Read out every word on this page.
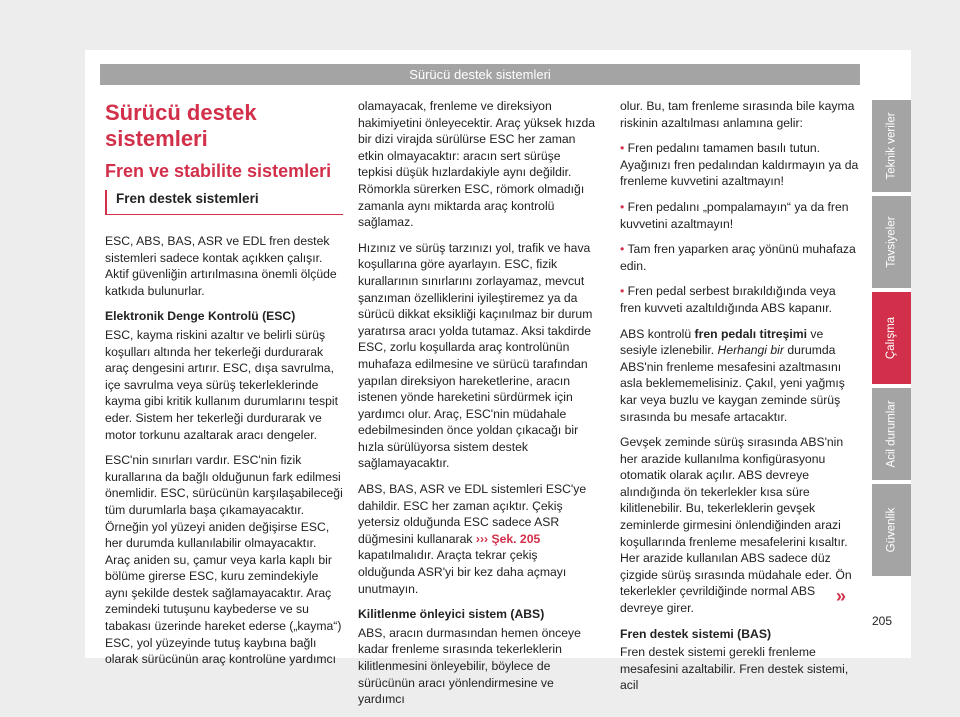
Sürücü destek sistemleri
Sürücü destek sistemleri
Fren ve stabilite sistemleri
Fren destek sistemleri

ESC, ABS, BAS, ASR ve EDL fren destek sistemleri sadece kontak açıkken çalışır. Aktif güvenliğin artırılmasına önemli ölçüde katkıda bulunurlar.

Elektronik Denge Kontrolü (ESC)

ESC, kayma riskini azaltır ve belirli sürüş koşulları altında her tekerleği durdurarak araç dengesini artırır. ESC, dışa savrulma, içe savrulma veya sürüş tekerleklerinde kayma gibi kritik kullanım durumlarını tespit eder. Sistem her tekerleği durdurarak ve motor torkunu azaltarak aracı dengeler.

ESC'nin sınırları vardır. ESC'nin fizik kurallarına da bağlı olduğunun fark edilmesi önemlidir. ESC, sürücünün karşılaşabileceği tüm durumlarla başa çıkamayacaktır. Örneğin yol yüzeyi aniden değişirse ESC, her durumda kullanılabilir olmayacaktır. Araç aniden su, çamur veya karla kaplı bir bölüme girerse ESC, kuru zemindekiyle aynı şekilde destek sağlamayacaktır. Araç zemindeki tutuşunu kaybederse ve su tabakası üzerinde hareket ederse („kayma“) ESC, yol yüzeyinde tutuş kaybına bağlı olarak sürücünün araç kontrolüne yardımcı

olamayacak, frenleme ve direksiyon hakimiyetini önleyecektir. Araç yüksek hızda bir dizi virajda sürülürse ESC her zaman etkin olmayacaktır: aracın sert sürüşe tepkisi düşük hızlardakiyle aynı değildir. Römorkla sürerken ESC, römork olmadığı zamanla aynı miktarda araç kontrolü sağlamaz.

Hızınız ve sürüş tarzınızı yol, trafik ve hava koşullarına göre ayarlayın. ESC, fizik kurallarının sınırlarını zorlayamaz, mevcut şanzıman özelliklerini iyileştiremez ya da sürücü dikkat eksikliği kaçınılmaz bir durum yaratırsa aracı yolda tutamaz. Aksi takdirde ESC, zorlu koşullarda araç kontrolünün muhafaza edilmesine ve sürücü tarafından yapılan direksiyon hareketlerine, aracın istenen yönde hareketini sürdürmek için yardımcı olur. Araç, ESC'nin müdahale edebilmesinden önce yoldan çıkacağı bir hızla sürülüyorsa sistem destek sağlamayacaktır.

ABS, BAS, ASR ve EDL sistemleri ESC'ye dahildir. ESC her zaman açıktır. Çekiş yetersiz olduğunda ESC sadece ASR düğmesini kullanarak ››› Şek. 205 kapatılmalıdır. Araçta tekrar çekiş olduğunda ASR'yi bir kez daha açmayı unutmayın.

Kilitlenme önleyici sistem (ABS)

ABS, aracın durmasından hemen önceye kadar frenleme sırasında tekerleklerin kilitlenmesini önleyebilir, böylece de sürücünün aracı yönlendirmesine ve yardımcı

olur. Bu, tam frenleme sırasında bile kayma riskinin azaltılması anlamına gelir:

• Fren pedalını tamamen basılı tutun. Ayağınızı fren pedalından kaldırmayın ya da frenleme kuvvetini azaltmayın!

• Fren pedalını „pompalamayın“ ya da fren kuvvetini azaltmayın!

• Tam fren yaparken araç yönünü muhafaza edin.

• Fren pedal serbest bırakıldığında veya fren kuvveti azaltıldığında ABS kapanır.

ABS kontrolü fren pedalı titreşimi ve sesiyle izlenebilir. Herhangi bir durumda ABS'nin frenleme mesafesini azaltmasını asla beklememelisiniz. Çakıl, yeni yağmış kar veya buzlu ve kaygan zeminde sürüş sırasında bu mesafe artacaktır.

Gevşek zeminde sürüş sırasında ABS'nin her arazide kullanılma konfigürasyonu otomatik olarak açılır. ABS devreye alındığında ön tekerlekler kısa süre kilitlenebilir. Bu, tekerleklerin gevşek zeminlerde girmesini önlendiğinden arazi koşullarında frenleme mesafelerini kısaltır. Her arazide kullanılan ABS sadece düz çizgide sürüş sırasında müdahale eder. Ön tekerlekler çevrildiğinde normal ABS devreye girer.

Fren destek sistemi (BAS)

Fren destek sistemi gerekli frenleme mesafesini azaltabilir. Fren destek sistemi, acil

»
Teknik veriler
Tavsiyeler
Çalışma
Acil durumlar
Güvenlik
205
